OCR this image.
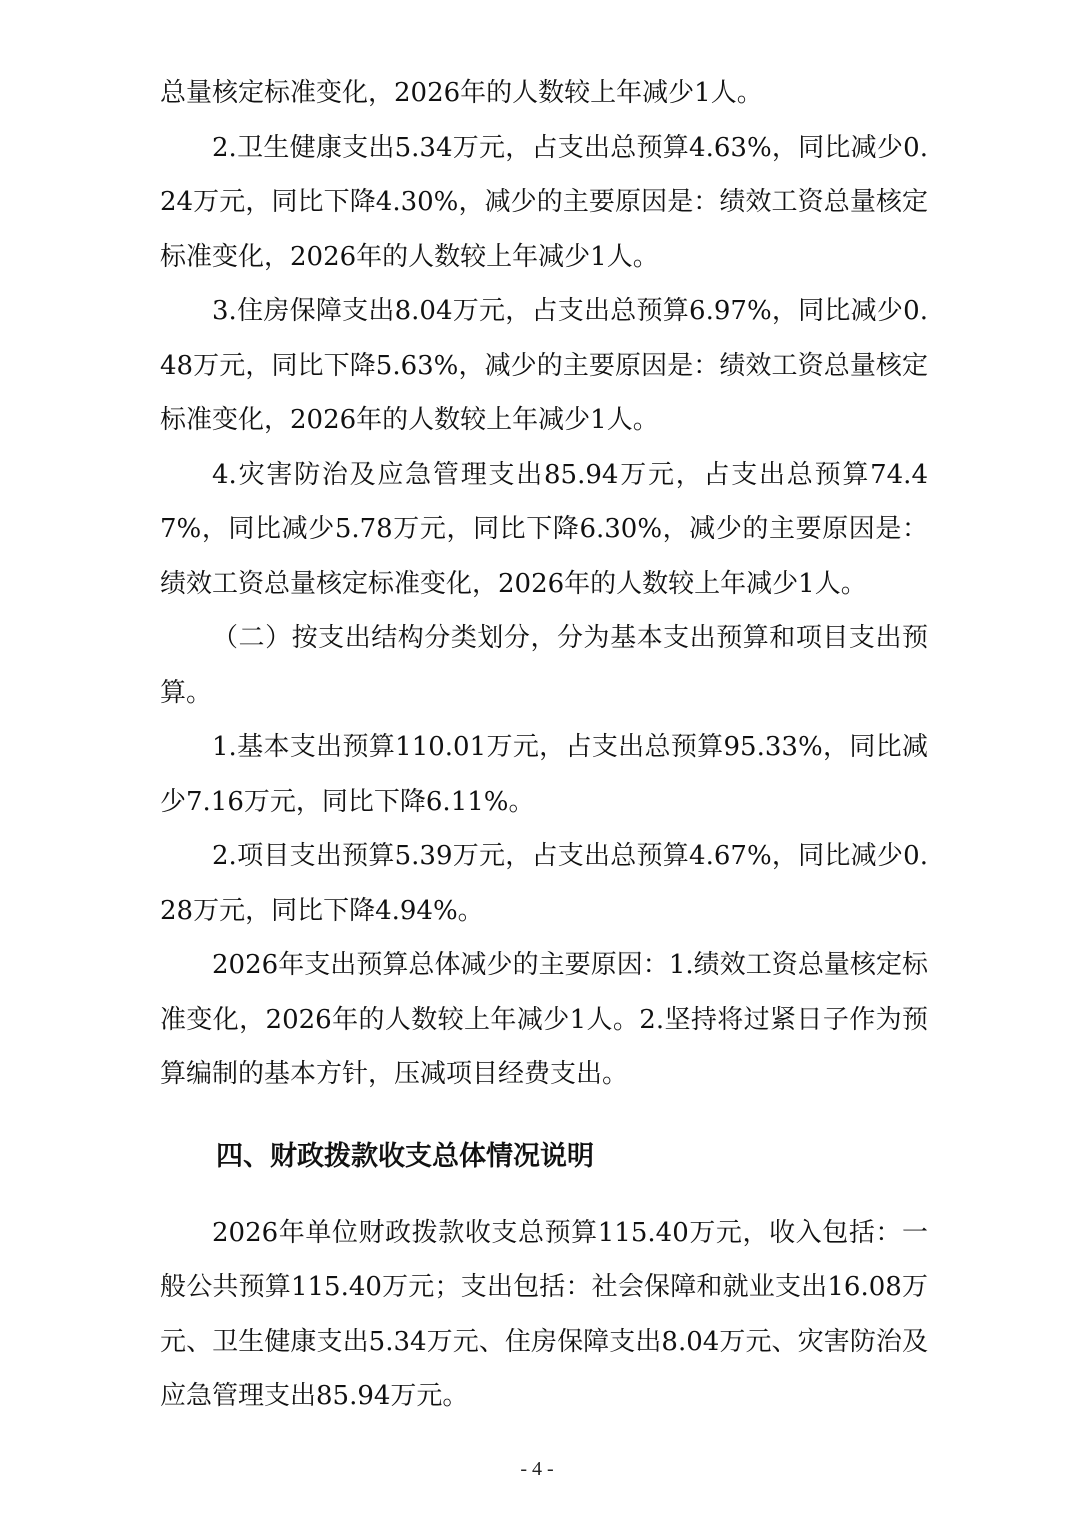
总量核定标准变化，2026年的人数较上年减少1人。

2.卫生健康支出5.34万元，占支出总预算4.63%，同比减少0.24万元，同比下降4.30%，减少的主要原因是：绩效工资总量核定标准变化，2026年的人数较上年减少1人。

3.住房保障支出8.04万元，占支出总预算6.97%，同比减少0.48万元，同比下降5.63%，减少的主要原因是：绩效工资总量核定标准变化，2026年的人数较上年减少1人。

4.灾害防治及应急管理支出85.94万元，占支出总预算74.47%，同比减少5.78万元，同比下降6.30%，减少的主要原因是：绩效工资总量核定标准变化，2026年的人数较上年减少1人。

（二）按支出结构分类划分，分为基本支出预算和项目支出预算。

1.基本支出预算110.01万元，占支出总预算95.33%，同比减少7.16万元，同比下降6.11%。

2.项目支出预算5.39万元，占支出总预算4.67%，同比减少0.28万元，同比下降4.94%。

2026年支出预算总体减少的主要原因：1.绩效工资总量核定标准变化，2026年的人数较上年减少1人。2.坚持将过紧日子作为预算编制的基本方针，压减项目经费支出。

四、财政拨款收支总体情况说明

2026年单位财政拨款收支总预算115.40万元，收入包括：一般公共预算115.40万元；支出包括：社会保障和就业支出16.08万元、卫生健康支出5.34万元、住房保障支出8.04万元、灾害防治及应急管理支出85.94万元。

- 4 -
